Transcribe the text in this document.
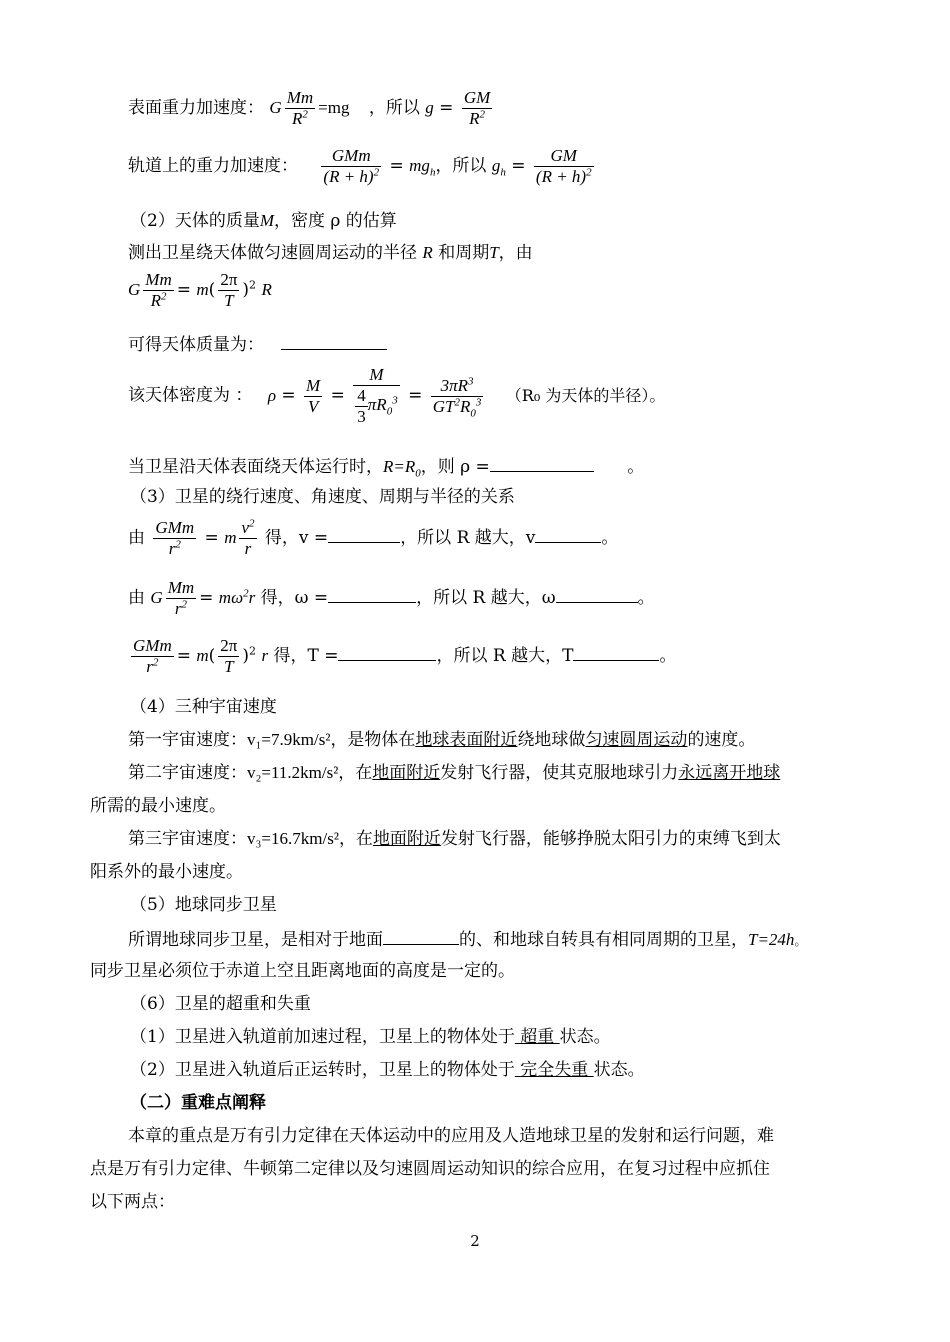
表面重力加速度： G $\frac{Mm}{R^2} =mg$ ，所以 $g = \frac{GM}{R^2}$
轨道上的重力加速度： $\frac{\text{GMm}}{(R + h)^2} = mg_h$，所以 $g_h = \frac{GM}{(R + h)^2}$
（2）天体的质量M，密度 ρ 的估算
测出卫星绕天体做匀速圆周运动的半径 R 和周期T，由
G $\frac{Mm}{R^2} = m( \frac{2\pi}{T} )^2$ R
可得天体质量为：
该天体密度为 ： $\rho = \frac{M}{V} = \frac{M}{\frac{4}{3} \pi R_0^3} = \frac{3\pi R^3}{GT^2R_0^3} (R_0$ 为天体的半径）。
当卫星沿天体表面绕天体运行时，$R=R_0$，则 ρ =	。
（3）卫星的绕行速度、角速度、周期与半径的关系
由 $\frac{\text{GMm}}{r^2} = m \frac{v^2}{r}$ 得，v =	，所以 R 越大，v	。
由 G $\frac{Mm}{r^2} = m\omega^2r$ 得，ω =	，所以 R 越大，ω	。
$\frac{\text{GMm}}{r^2} = m( \frac{2\pi}{T} )^2$ r 得，T =	，所以 R 越大，T	。
（4）三种宇宙速度
第一宇宙速度：v₁=7.9km/s²，是物体在地球表面附近绕地球做匀速圆周运动的速度。
第二宇宙速度：v₂=11.2km/s²，在地面附近发射飞行器，使其克服地球引力永远离开地球
所需的最小速度。
第三宇宙速度：v₃=16.7km/s²，在地面附近发射飞行器，能够挣脱太阳引力的束缚飞到太
阳系外的最小速度。
（5）地球同步卫星
所谓地球同步卫星，是相对于地面	的、和地球自转具有相同周期的卫星，T=24h。
同步卫星必须位于赤道上空且距离地面的高度是一定的。
（6）卫星的超重和失重
（1）卫星进入轨道前加速过程，卫星上的物体处于 超重 状态。
（2）卫星进入轨道后正运转时，卫星上的物体处于 完全失重 状态。
（二）重难点阐释
本章的重点是万有引力定律在天体运动中的应用及人造地球卫星的发射和运行问题，难
点是万有引力定律、牛顿第二定律以及匀速圆周运动知识的综合应用，在复习过程中应抓住
以下两点：
2
